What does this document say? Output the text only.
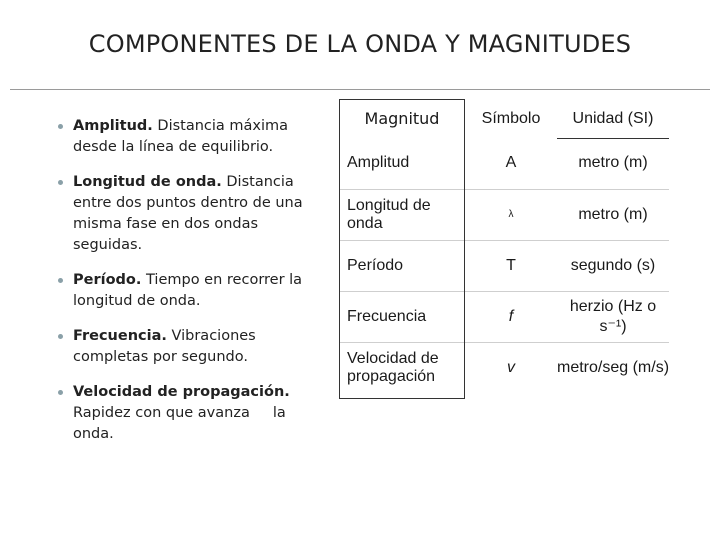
COMPONENTES DE LA ONDA Y MAGNITUDES
Amplitud. Distancia máxima desde la línea de equilibrio.
Longitud de onda. Distancia entre dos puntos dentro de una misma fase en dos ondas seguidas.
Período. Tiempo en recorrer la longitud de onda.
Frecuencia. Vibraciones completas por segundo.
Velocidad de propagación. Rapidez con que avanza     la onda.
Magnitud	Símbolo	Unidad (SI)
Amplitud	A	metro (m)
Longitud de onda	λ	metro (m)
Período	T	segundo (s)
Frecuencia	f	herzio (Hz o s⁻¹)
Velocidad de propagación	v	metro/seg (m/s)
